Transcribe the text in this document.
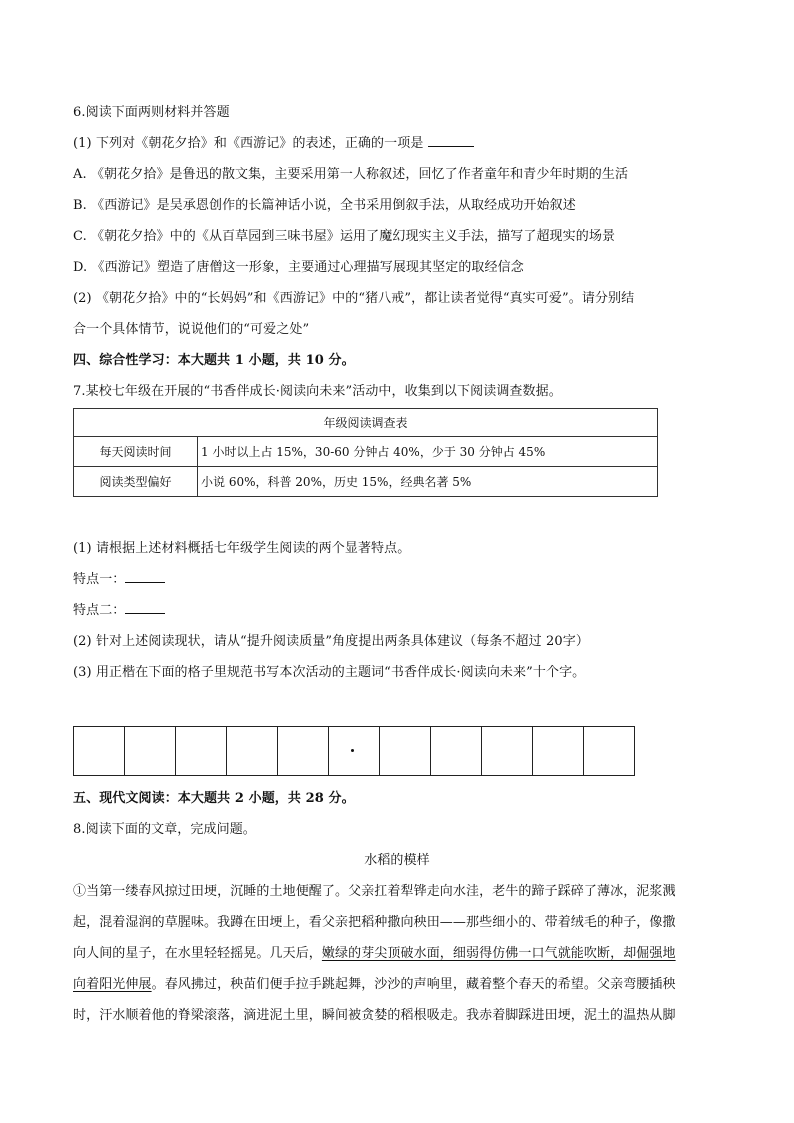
6.阅读下面两则材料并答题
(1) 下列对《朝花夕拾》和《西游记》的表述，正确的一项是
A. 《朝花夕拾》是鲁迅的散文集，主要采用第一人称叙述，回忆了作者童年和青少年时期的生活
B. 《西游记》是吴承恩创作的长篇神话小说，全书采用倒叙手法，从取经成功开始叙述
C. 《朝花夕拾》中的《从百草园到三味书屋》运用了魔幻现实主义手法，描写了超现实的场景
D. 《西游记》塑造了唐僧这一形象，主要通过心理描写展现其坚定的取经信念
(2) 《朝花夕拾》中的“长妈妈”和《西游记》中的“猪八戒”，都让读者觉得“真实可爱”。请分别结
合一个具体情节，说说他们的“可爱之处”
四、综合性学习：本大题共 1 小题，共 10 分。
7.某校七年级在开展的“书香伴成长·阅读向未来”活动中，收集到以下阅读调查数据。
年级阅读调查表	
每天阅读时间	1 小时以上占 15%，30-60 分钟占 40%，少于 30 分钟占 45%
阅读类型偏好	小说 60%，科普 20%，历史 15%，经典名著 5%
(1) 请根据上述材料概括七年级学生阅读的两个显著特点。
特点一：
特点二：
(2) 针对上述阅读现状，请从“提升阅读质量”角度提出两条具体建议（每条不超过 20字）
(3) 用正楷在下面的格子里规范书写本次活动的主题词“书香伴成长·阅读向未来”十个字。
五、现代文阅读：本大题共 2 小题，共 28 分。
8.阅读下面的文章，完成问题。
水稻的模样
①当第一缕春风掠过田埂，沉睡的土地便醒了。父亲扛着犁铧走向水洼，老牛的蹄子踩碎了薄冰，泥浆溅
起，混着湿润的草腥味。我蹲在田埂上，看父亲把稻种撒向秧田——那些细小的、带着绒毛的种子，像撒
向人间的星子，在水里轻轻摇晃。几天后，嫩绿的芽尖顶破水面，细弱得仿佛一口气就能吹断，却倔强地
向着阳光伸展。春风拂过，秧苗们便手拉手跳起舞，沙沙的声响里，藏着整个春天的希望。父亲弯腰插秧
时，汗水顺着他的脊梁滚落，滴进泥土里，瞬间被贪婪的稻根吸走。我赤着脚踩进田埂，泥土的温热从脚
